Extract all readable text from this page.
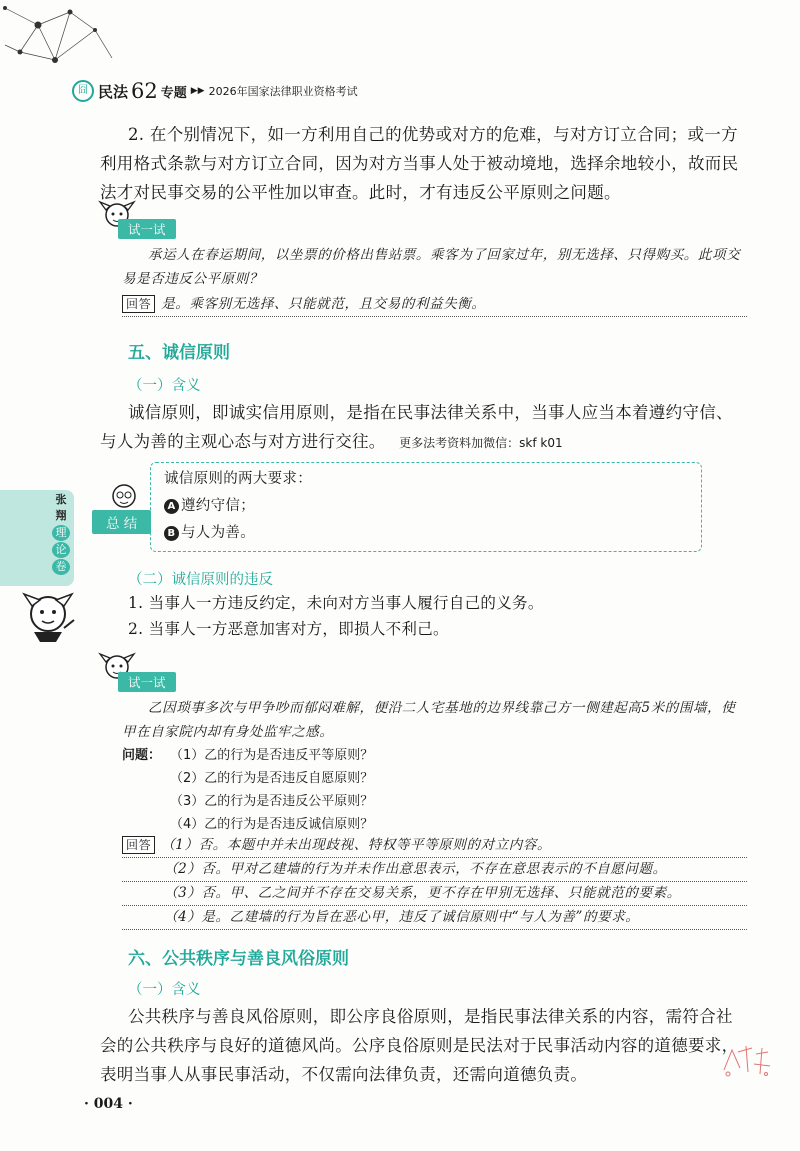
囧 民法 62 专题 ▶▶ 2026年国家法律职业资格考试
2. 在个别情况下，如一方利用自己的优势或对方的危难，与对方订立合同；或一方利用格式条款与对方订立合同，因为对方当事人处于被动境地，选择余地较小，故而民法才对民事交易的公平性加以审查。此时，才有违反公平原则之问题。
试一试
承运人在春运期间，以坐票的价格出售站票。乘客为了回家过年，别无选择、只得购买。此项交易是否违反公平原则？
回答 是。乘客别无选择、只能就范，且交易的利益失衡。
五、诚信原则
（一）含义
诚信原则，即诚实信用原则，是指在民事法律关系中，当事人应当本着遵约守信、与人为善的主观心态与对方进行交往。 更多法考资料加微信：skf k01
张
翔
理
论
卷
总 结
诚信原则的两大要求：
A 遵约守信；
B 与人为善。
（二）诚信原则的违反
1. 当事人一方违反约定，未向对方当事人履行自己的义务。
2. 当事人一方恶意加害对方，即损人不利己。
试一试
乙因琐事多次与甲争吵而郁闷难解，便沿二人宅基地的边界线靠己方一侧建起高5米的围墙，使甲在自家院内却有身处监牢之感。
问题： （1）乙的行为是否违反平等原则？
（2）乙的行为是否违反自愿原则？
（3）乙的行为是否违反公平原则？
（4）乙的行为是否违反诚信原则？
回答 （1）否。本题中并未出现歧视、特权等平等原则的对立内容。
（2）否。甲对乙建墙的行为并未作出意思表示，不存在意思表示的不自愿问题。
（3）否。甲、乙之间并不存在交易关系，更不存在甲别无选择、只能就范的要素。
（4）是。乙建墙的行为旨在恶心甲，违反了诚信原则中“与人为善”的要求。
六、公共秩序与善良风俗原则
（一）含义
公共秩序与善良风俗原则，即公序良俗原则，是指民事法律关系的内容，需符合社会的公共秩序与良好的道德风尚。公序良俗原则是民法对于民事活动内容的道德要求，表明当事人从事民事活动，不仅需向法律负责，还需向道德负责。
· 004 ·
